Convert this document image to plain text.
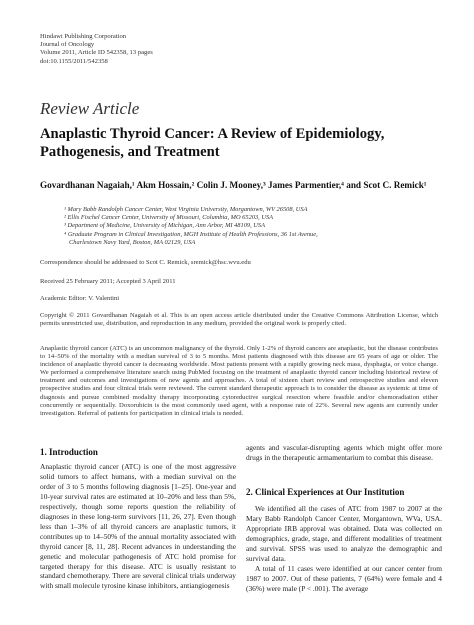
Hindawi Publishing Corporation
Journal of Oncology
Volume 2011, Article ID 542358, 13 pages
doi:10.1155/2011/542358
Review Article
Anaplastic Thyroid Cancer: A Review of Epidemiology, Pathogenesis, and Treatment
Govardhanan Nagaiah,¹ Akm Hossain,² Colin J. Mooney,³ James Parmentier,⁴ and Scot C. Remick¹
¹ Mary Babb Randolph Cancer Center, West Virginia University, Morgantown, WV 26508, USA
² Ellis Fischel Cancer Center, University of Missouri, Columbia, MO 65203, USA
³ Department of Medicine, University of Michigan, Ann Arbor, MI 48109, USA
⁴ Graduate Program in Clinical Investigation, MGH Institute of Health Professions, 36 1st Avenue,
Charlestown Navy Yard, Boston, MA 02129, USA
Correspondence should be addressed to Scot C. Remick, sremick@hsc.wvu.edu
Received 25 February 2011; Accepted 3 April 2011
Academic Editor: V. Valentini
Copyright © 2011 Govardhanan Nagaiah et al. This is an open access article distributed under the Creative Commons Attribution License, which permits unrestricted use, distribution, and reproduction in any medium, provided the original work is properly cited.
Anaplastic thyroid cancer (ATC) is an uncommon malignancy of the thyroid. Only 1-2% of thyroid cancers are anaplastic, but the disease contributes to 14–50% of the mortality with a median survival of 3 to 5 months. Most patients diagnosed with this disease are 65 years of age or older. The incidence of anaplastic thyroid cancer is decreasing worldwide. Most patients present with a rapidly growing neck mass, dysphagia, or voice change. We performed a comprehensive literature search using PubMed focusing on the treatment of anaplastic thyroid cancer including historical review of treatment and outcomes and investigations of new agents and approaches. A total of sixteen chart review and retrospective studies and eleven prospective studies and four clinical trials were reviewed. The current standard therapeutic approach is to consider the disease as systemic at time of diagnosis and pursue combined modality therapy incorporating cytoreductive surgical resection where feasible and/or chemoradiation either concurrently or sequentially. Doxorubicin is the most commonly used agent, with a response rate of 22%. Several new agents are currently under investigation. Referral of patients for participation in clinical trials is needed.
1. Introduction

Anaplastic thyroid cancer (ATC) is one of the most aggressive solid tumors to affect humans, with a median survival on the order of 3 to 5 months following diagnosis [1–25]. One-year and 10-year survival rates are estimated at 10–20% and less than 5%, respectively, though some reports question the reliability of diagnoses in these long-term survivors [11, 26, 27]. Even though less than 1–3% of all thyroid cancers are anaplastic tumors, it contributes up to 14–50% of the annual mortality associated with thyroid cancer [8, 11, 28]. Recent advances in understanding the genetic and molecular pathogenesis of ATC hold promise for targeted therapy for this disease. ATC is usually resistant to standard chemotherapy. There are several clinical trials underway with small molecule tyrosine kinase inhibitors, antiangiogenesis

agents and vascular-disrupting agents which might offer more drugs in the therapeutic armamentarium to combat this disease.

2. Clinical Experiences at Our Institution

We identified all the cases of ATC from 1987 to 2007 at the Mary Babb Randolph Cancer Center, Morgantown, WVa, USA. Appropriate IRB approval was obtained. Data was collected on demographics, grade, stage, and different modalities of treatment and survival. SPSS was used to analyze the demographic and survival data.

A total of 11 cases were identified at our cancer center from 1987 to 2007. Out of these patients, 7 (64%) were female and 4 (36%) were male (P < .001). The average
